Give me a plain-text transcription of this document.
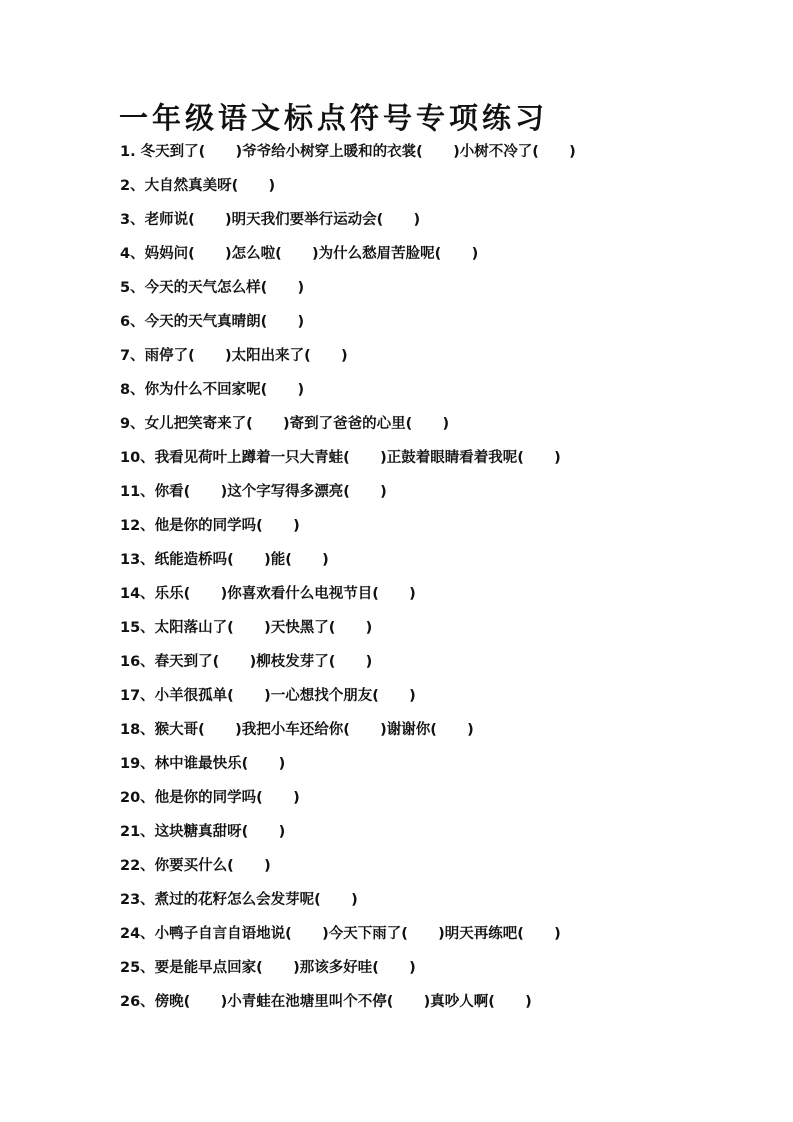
一年级语文标点符号专项练习
1. 冬天到了(      )爷爷给小树穿上暖和的衣裳(      )小树不冷了(      )
2、大自然真美呀(      )
3、老师说(      )明天我们要举行运动会(      )
4、妈妈问(      )怎么啦(      )为什么愁眉苦脸呢(      )
5、今天的天气怎么样(      )
6、今天的天气真晴朗(      )
7、雨停了(      )太阳出来了(      )
8、你为什么不回家呢(      )
9、女儿把笑寄来了(      )寄到了爸爸的心里(      )
10、我看见荷叶上蹲着一只大青蛙(      )正鼓着眼睛看着我呢(      )
11、你看(      )这个字写得多漂亮(      )
12、他是你的同学吗(      )
13、纸能造桥吗(      )能(      )
14、乐乐(      )你喜欢看什么电视节目(      )
15、太阳落山了(      )天快黑了(      )
16、春天到了(      )柳枝发芽了(      )
17、小羊很孤单(      )一心想找个朋友(      )
18、猴大哥(      )我把小车还给你(      )谢谢你(      )
19、林中谁最快乐(      )
20、他是你的同学吗(      )
21、这块糖真甜呀(      )
22、你要买什么(      )
23、煮过的花籽怎么会发芽呢(      )
24、小鸭子自言自语地说(      )今天下雨了(      )明天再练吧(      )
25、要是能早点回家(      )那该多好哇(      )
26、傍晚(      )小青蛙在池塘里叫个不停(      )真吵人啊(      )
